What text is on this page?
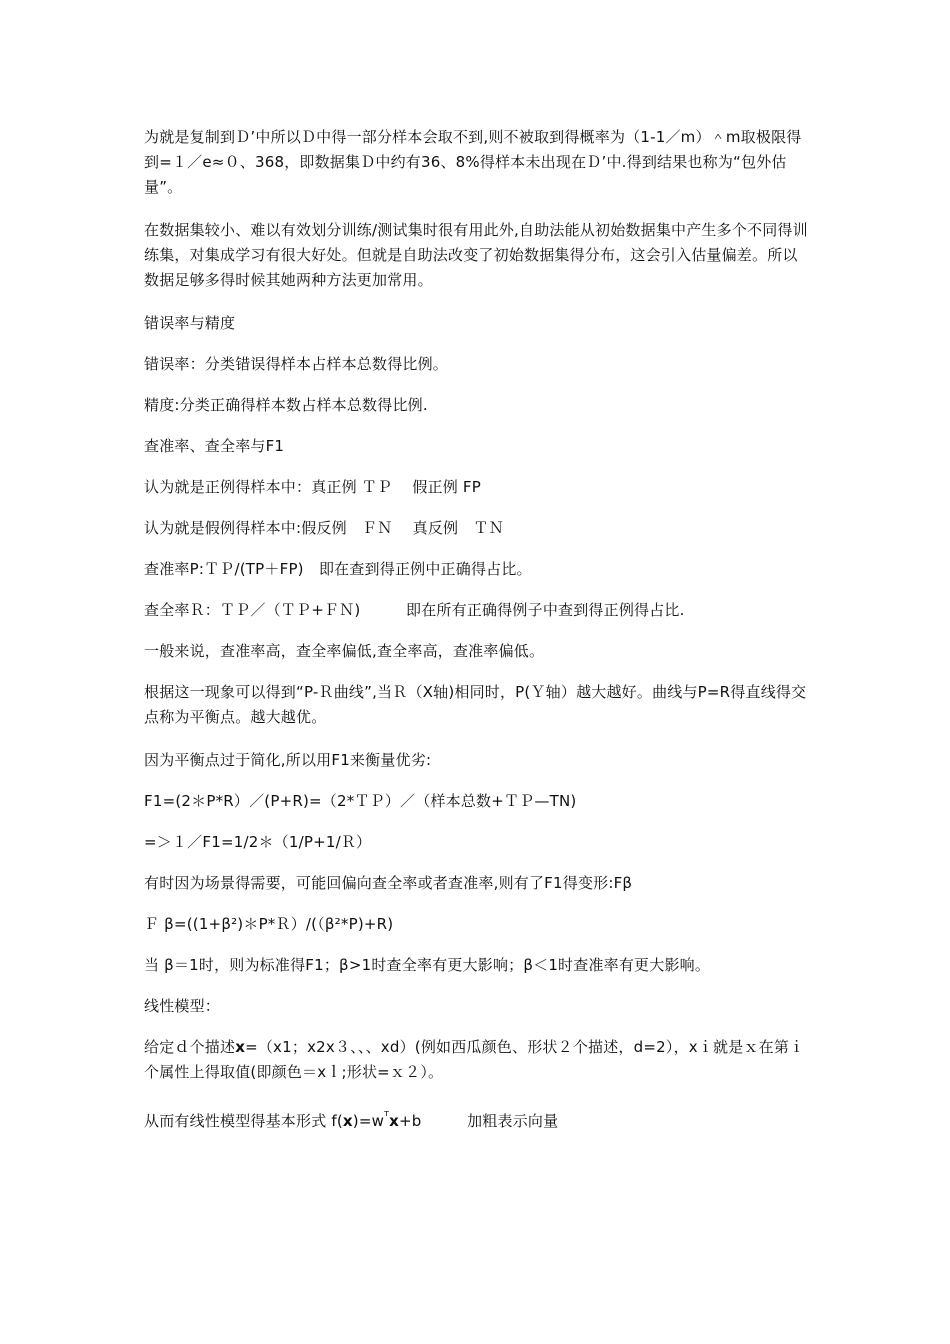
为就是复制到Ｄ’中所以Ｄ中得一部分样本会取不到,则不被取到得概率为（1-1／m）＾m取极限得到=１／e≈０、368，即数据集Ｄ中约有36、8%得样本未出现在Ｄ’中.得到结果也称为“包外估量”。

在数据集较小、难以有效划分训练/测试集时很有用此外,自助法能从初始数据集中产生多个不同得训练集，对集成学习有很大好处。但就是自助法改变了初始数据集得分布，这会引入估量偏差。所以数据足够多得时候其她两种方法更加常用。

错误率与精度

错误率：分类错误得样本占样本总数得比例。

精度:分类正确得样本数占样本总数得比例.

查准率、查全率与F1

认为就是正例得样本中：真正例 ＴＰ　 假正例 FP

认为就是假例得样本中:假反例　ＦＮ　 真反例　ＴＮ

查准率P:ＴＰ/(TP＋FP)　即在查到得正例中正确得占比。

查全率Ｒ：ＴＰ／（ＴＰ+ＦＮ)　　　即在所有正确得例子中查到得正例得占比.

一般来说，查准率高，查全率偏低,查全率高，查准率偏低。

根据这一现象可以得到“P-Ｒ曲线”,当Ｒ（X轴)相同时，P(Ｙ轴）越大越好。曲线与P=R得直线得交点称为平衡点。越大越优。

因为平衡点过于简化,所以用F1来衡量优劣:

F1=(2＊P*R）／(P+R)=（2*ＴＰ）／（样本总数+ＴＰ—TN)

=＞１／F1=1/2＊（1/P+1/Ｒ）

有时因为场景得需要，可能回偏向查全率或者查准率,则有了F1得变形:Fβ

Ｆ β=((1+β²)＊P*Ｒ）/(（β²*P)+R)

当 β＝1时，则为标准得F1；β>1时查全率有更大影响；β＜1时查准率有更大影响。

线性模型：

给定ｄ个描述x=（x1；x2x３、、、xd）(例如西瓜颜色、形状２个描述，d=2），xｉ就是ｘ在第ｉ个属性上得取值(即颜色＝xｌ;形状=ｘ２）。

从而有线性模型得基本形式 $f(x)=w^ᵀx+b$　　　加粗表示向量
